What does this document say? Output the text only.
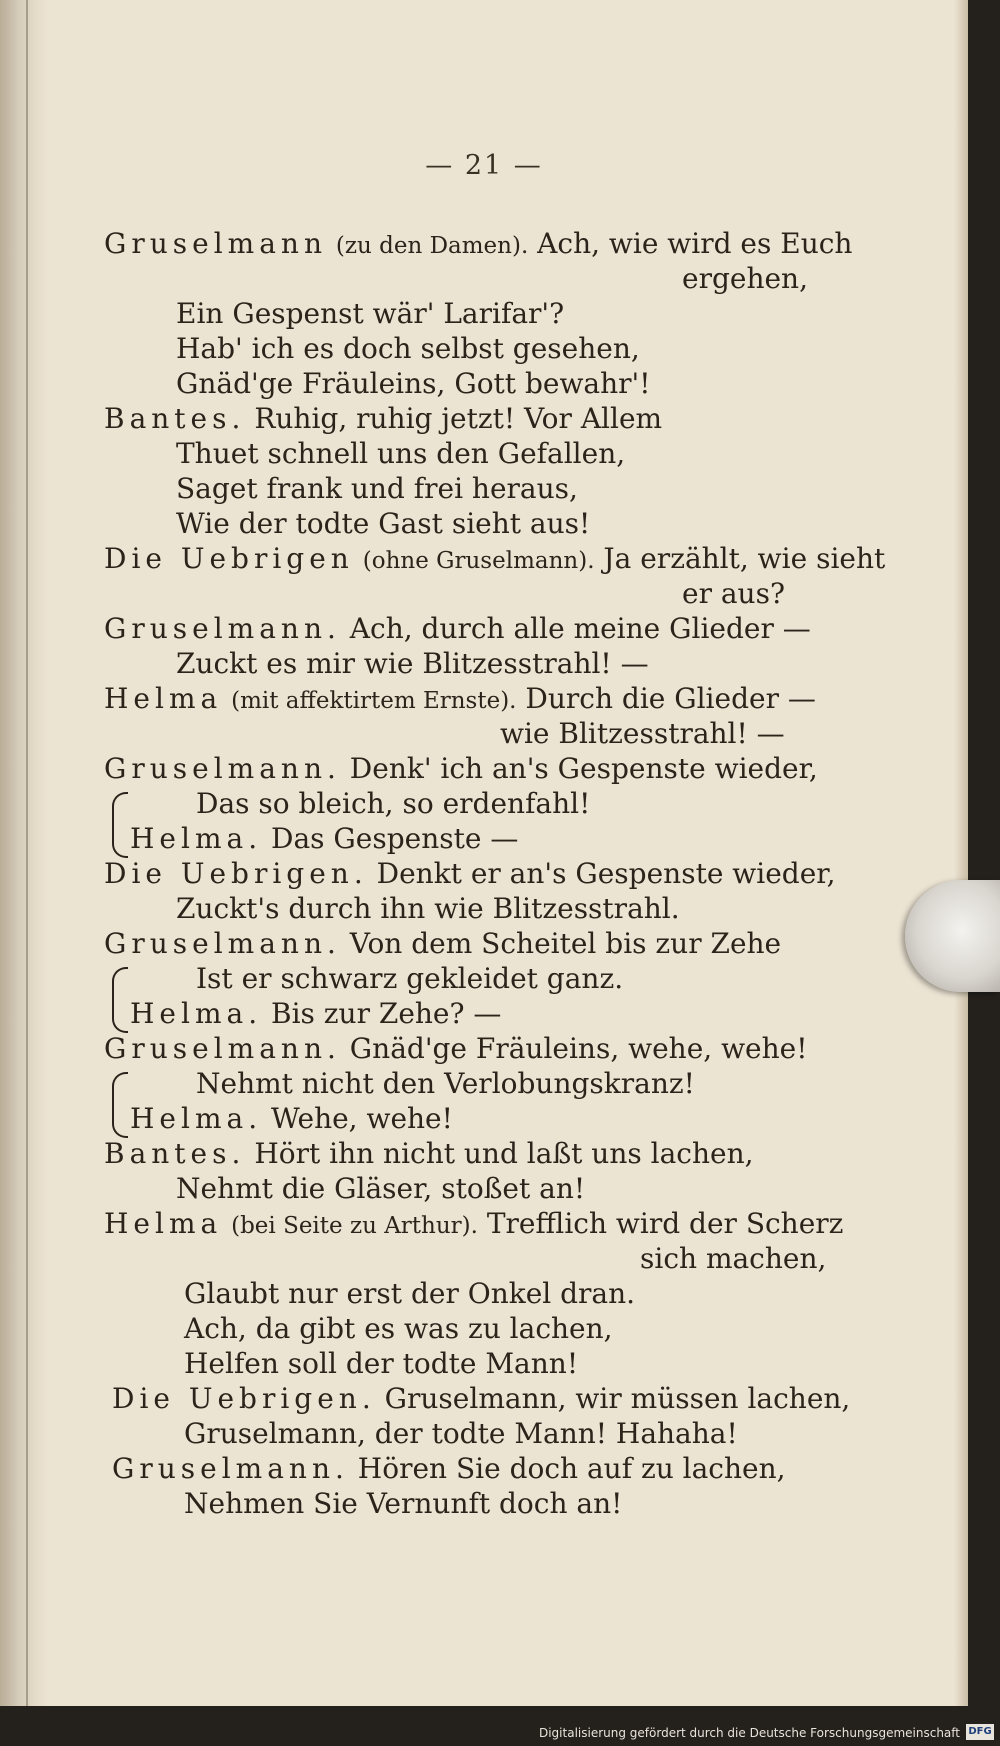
— 21 —
Gruselmann (zu den Damen). Ach, wie wird es Euch
ergehen,
Ein Gespenst wär' Larifar'?
Hab' ich es doch selbst gesehen,
Gnäd'ge Fräuleins, Gott bewahr'!
Bantes. Ruhig, ruhig jetzt! Vor Allem
Thuet schnell uns den Gefallen,
Saget frank und frei heraus,
Wie der todte Gast sieht aus!
Die Uebrigen (ohne Gruselmann). Ja erzählt, wie sieht
er aus?
Gruselmann. Ach, durch alle meine Glieder —
Zuckt es mir wie Blitzesstrahl! —
Helma (mit affektirtem Ernste). Durch die Glieder —
wie Blitzesstrahl! —
Gruselmann. Denk' ich an's Gespenste wieder,
Das so bleich, so erdenfahl!
Helma. Das Gespenste —
Die Uebrigen. Denkt er an's Gespenste wieder,
Zuckt's durch ihn wie Blitzesstrahl.
Gruselmann. Von dem Scheitel bis zur Zehe
Ist er schwarz gekleidet ganz.
Helma. Bis zur Zehe? —
Gruselmann. Gnäd'ge Fräuleins, wehe, wehe!
Nehmt nicht den Verlobungskranz!
Helma. Wehe, wehe!
Bantes. Hört ihn nicht und laßt uns lachen,
Nehmt die Gläser, stoßet an!
Helma (bei Seite zu Arthur). Trefflich wird der Scherz
sich machen,
Glaubt nur erst der Onkel dran.
Ach, da gibt es was zu lachen,
Helfen soll der todte Mann!
Die Uebrigen. Gruselmann, wir müssen lachen,
Gruselmann, der todte Mann! Hahaha!
Gruselmann. Hören Sie doch auf zu lachen,
Nehmen Sie Vernunft doch an!
Digitalisierung gefördert durch die Deutsche Forschungsgemeinschaft DFG
